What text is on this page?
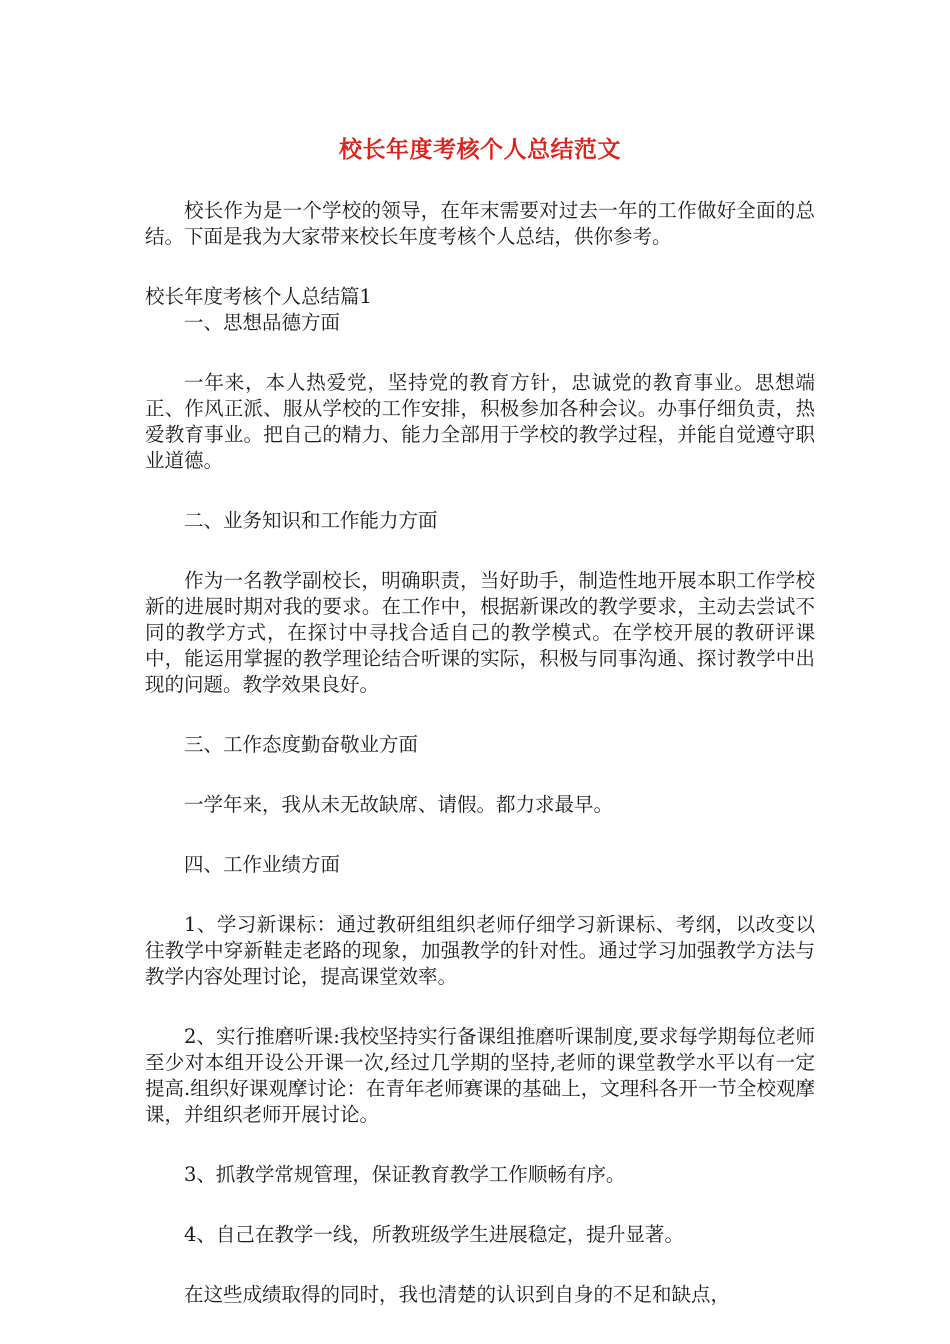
校长年度考核个人总结范文

校长作为是一个学校的领导，在年末需要对过去一年的工作做好全面的总结。下面是我为大家带来校长年度考核个人总结，供你参考。

校长年度考核个人总结篇1

一、思想品德方面

一年来，本人热爱党，坚持党的教育方针，忠诚党的教育事业。思想端正、作风正派、服从学校的工作安排，积极参加各种会议。办事仔细负责，热爱教育事业。把自己的精力、能力全部用于学校的教学过程，并能自觉遵守职业道德。

二、业务知识和工作能力方面

作为一名教学副校长，明确职责，当好助手，制造性地开展本职工作学校新的进展时期对我的要求。在工作中，根据新课改的教学要求，主动去尝试不同的教学方式，在探讨中寻找合适自己的教学模式。在学校开展的教研评课中，能运用掌握的教学理论结合听课的实际，积极与同事沟通、探讨教学中出现的问题。教学效果良好。

三、工作态度勤奋敬业方面

一学年来，我从未无故缺席、请假。都力求最早。

四、工作业绩方面

1、学习新课标：通过教研组组织老师仔细学习新课标、考纲，以改变以往教学中穿新鞋走老路的现象，加强教学的针对性。通过学习加强教学方法与教学内容处理讨论，提高课堂效率。

2、实行推磨听课:我校坚持实行备课组推磨听课制度,要求每学期每位老师至少对本组开设公开课一次,经过几学期的坚持,老师的课堂教学水平以有一定提高.组织好课观摩讨论：在青年老师赛课的基础上，文理科各开一节全校观摩课，并组织老师开展讨论。

3、抓教学常规管理，保证教育教学工作顺畅有序。

4、自己在教学一线，所教班级学生进展稳定，提升显著。

在这些成绩取得的同时，我也清楚的认识到自身的不足和缺点，
